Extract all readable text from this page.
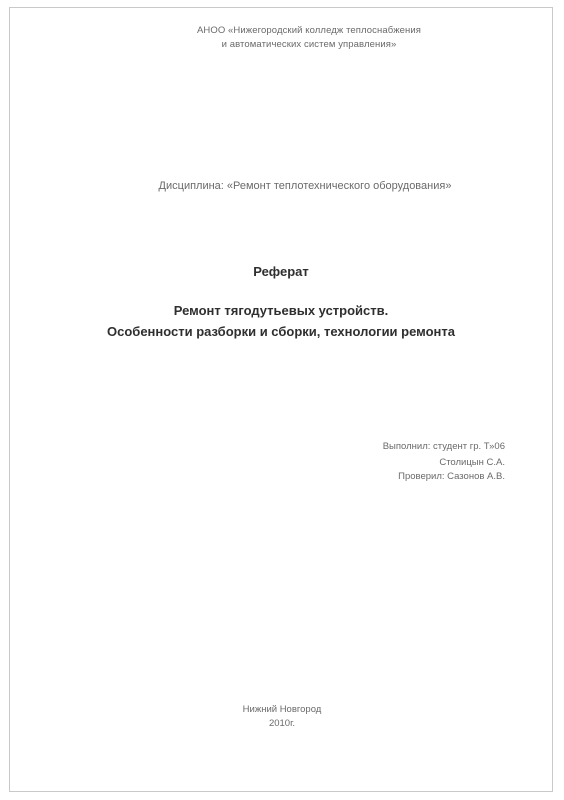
АНОО «Нижегородский колледж теплоснабжения
и автоматических систем управления»
Дисциплина: «Ремонт теплотехнического оборудования»
Реферат
Ремонт тягодутьевых устройств.
Особенности разборки и сборки, технологии ремонта
Выполнил: студент гр. Т»06
Столицын С.А.
Проверил: Сазонов А.В.
Нижний Новгород
2010г.
